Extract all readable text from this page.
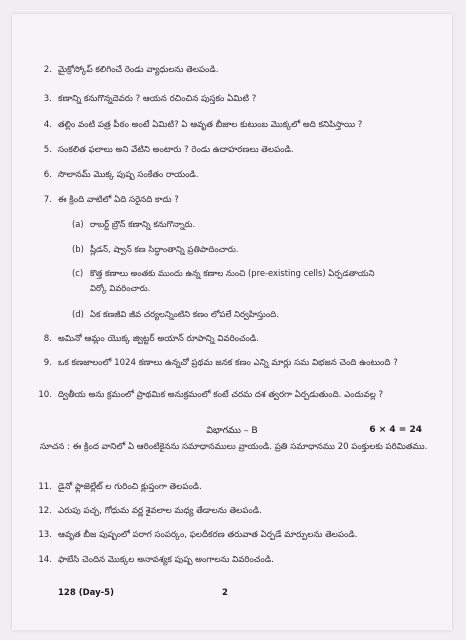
2. మైక్రోస్కోప్ కలిగించే రెండు వ్యాధులను తెలపండి.
3. కణాన్ని కనుగొన్నదెవరు ? ఆయన రచించిన పుస్తకం ఏమిటి ?
4. తల్లిం వంటి పత్ర పీఠం అంటే ఏమిటి? ఏ ఆవృత బీజాల కుటుంబ మొక్కలో అది కనిపిస్తాయి ?
5. సంకలిత ఫలాలు అని వేటిని అంటారు ? రెండు ఉదాహరణలు తెలపండి.
6. సొలానమ్ మొక్క పుష్ప సంకేతం రాయండి.
7. ఈ క్రింది వాటిలో ఏది సరైనది కాదు ?
(a) రాబర్ట్ బ్రౌన్ కణాన్ని కనుగొన్నారు.
(b) ష్లీడన్, ష్వాన్ కణ సిద్ధాంతాన్ని ప్రతిపాదించారు.
(c) కొత్త కణాలు అంతకు ముందు ఉన్న కణాల నుంచి (pre-existing cells) ఏర్పడతాయని
విర్కో వివరించారు.
(d) ఏక కణజీవి జీవ చర్యలన్నింటిని కణం లోపలే నిర్వహిస్తుంది.
8. అమినో ఆమ్లం యొక్క జ్విట్టర్ అయాన్ రూపాన్ని వివరించండి.
9. ఒక కణజాలంలో 1024 కణాలు ఉన్నచో ప్రథమ జనక కణం ఎన్ని మార్లు సమ విభజన చెంది ఉంటుంది ?
10. ద్వితీయ అను క్రమంలో ప్రాథమిక అనుక్రమంలో కంటే చరమ దశ త్వరగా ఏర్పడుతుంది. ఎందువల్ల ?
విభాగము – B	6 × 4 = 24
సూచన : ఈ క్రింద వానిలో ఏ ఆరింటికైనను సమాధానములు వ్రాయండి. ప్రతి సమాధానము 20 పంక్తులకు పరిమితము.
11. డైనో ఫ్లాజెల్లేట్ ల గురించి క్లుప్తంగా తెలపండి.
12. ఎరుపు పచ్చ, గోధుమ వర్ణ శైవలాల మధ్య తేడాలను తెలపండి.
13. ఆవృత బీజ పుష్పంలో పరాగ సంపర్కం, ఫలదీకరణ తరువాత ఏర్పడే మార్పులను తెలపండి.
14. ఫాబేసి చెందిన మొక్కల అనావశ్యక పుష్ప అంగాలను వివరించండి.
128 (Day-5)	2
